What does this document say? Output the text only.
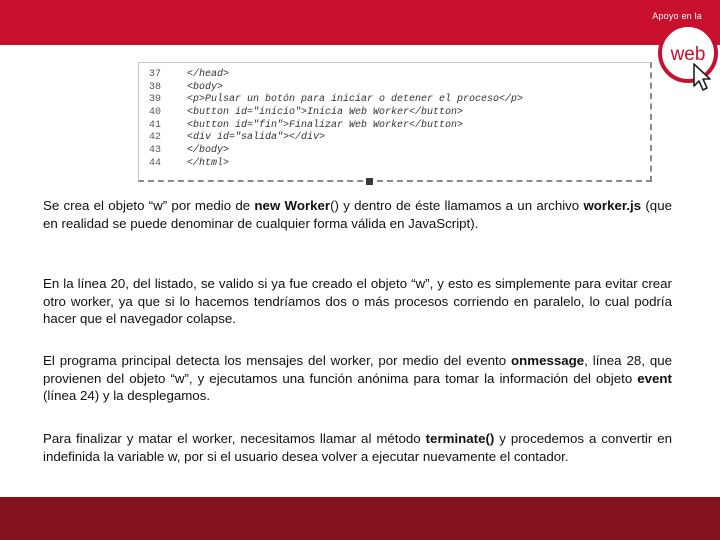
Apoyo en la
web
37	</head>
38	<body>
39	<p>Pulsar un botón para iniciar o detener el proceso</p>
40	<button id="inicio">Inicia Web Worker</button>
41	<button id="fin">Finalizar Web Worker</button>
42	<div id="salida"></div>
43	</body>
44	</html>

Se crea el objeto “w” por medio de new Worker() y dentro de éste llamamos a un archivo worker.js (que en realidad se puede denominar de cualquier forma válida en JavaScript).

En la línea 20, del listado, se valido si ya fue creado el objeto “w”, y esto es simplemente para evitar crear otro worker, ya que si lo hacemos tendríamos dos o más procesos corriendo en paralelo, lo cual podría hacer que el navegador colapse.

El programa principal detecta los mensajes del worker, por medio del evento onmessage, línea 28, que provienen del objeto “w”, y ejecutamos una función anónima para tomar la información del objeto event (línea 24) y la desplegamos.

Para finalizar y matar el worker, necesitamos llamar al método terminate() y procedemos a convertir en indefinida la variable w, por si el usuario desea volver a ejecutar nuevamente el contador.
